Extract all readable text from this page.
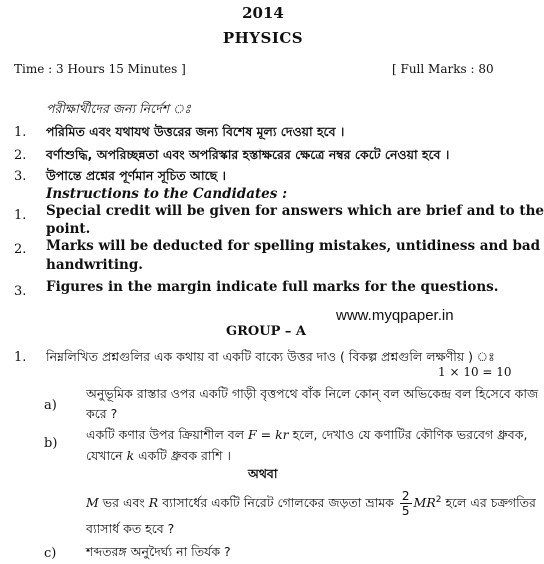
2014
PHYSICS
Time : 3 Hours 15 Minutes ]	[ Full Marks : 80
পরীক্ষার্থীদের জন্য নির্দেশ ঃ
1. পরিমিত এবং যথাযথ উত্তরের জন্য বিশেষ মূল্য দেওয়া হবে ।
2. বর্ণাশুদ্ধি, অপরিচ্ছন্নতা এবং অপরিস্কার হস্তাক্ষরের ক্ষেত্রে নম্বর কেটে নেওয়া হবে ।
3. উপান্তে প্রশ্নের পূর্ণমান সূচিত আছে ।
Instructions to the Candidates :
1. Special credit will be given for answers which are brief and to the
point.
2. Marks will be deducted for spelling mistakes, untidiness and bad
handwriting.
3. Figures in the margin indicate full marks for the questions.
www.myqpaper.in
GROUP – A
1. নিম্নলিখিত প্রশ্নগুলির এক কথায় বা একটি বাক্যে উত্তর দাও ( বিকল্প প্রশ্নগুলি লক্ষণীয় ) ঃ
1 × 10 = 10
a)
অনুভূমিক রাস্তার ওপর একটি গাড়ী বৃত্তপথে বাঁক নিলে কোন্ বল অভিকেন্দ্র বল হিসেবে কাজ
করে ?
b)
একটি কণার উপর ক্রিয়াশীল বল F = kr হলে, দেখাও যে কণাটির কৌণিক ভরবেগ ধ্রুবক,
যেখানে k একটি ধ্রুবক রাশি ।
অথবা
M ভর এবং R ব্যাসার্ধের একটি নিরেট গোলকের জড়তা ভ্রামক $\frac{2}{5} MR^2$ হলে এর চক্রগতির
ব্যাসার্ধ কত হবে ?
c) শব্দতরঙ্গ অনুদৈর্ঘ্য না তির্যক ?
